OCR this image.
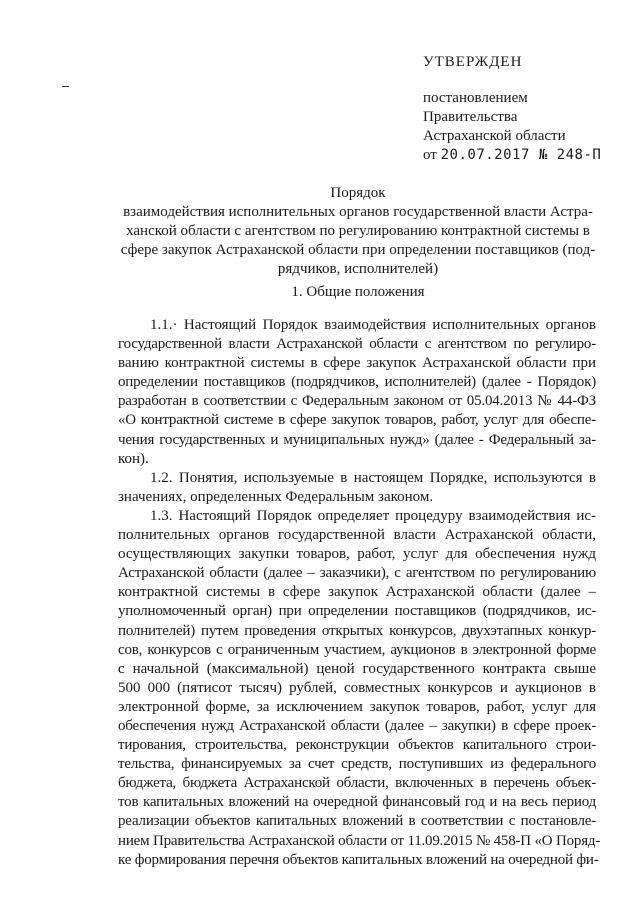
УТВЕРЖДЕН
постановлением
Правительства
Астраханской области
от 20.07.2017 № 248-П
Порядок
взаимодействия исполнительных органов государственной власти Астра-
ханской области с агентством по регулированию контрактной системы в
сфере закупок Астраханской области при определении поставщиков (под-
рядчиков, исполнителей)
1. Общие положения
1.1.· Настоящий Порядок взаимодействия исполнительных органов
государственной власти Астраханской области с агентством по регулиро-
ванию контрактной системы в сфере закупок Астраханской области при
определении поставщиков (подрядчиков, исполнителей) (далее - Порядок)
разработан в соответствии с Федеральным законом от 05.04.2013 № 44-ФЗ
«О контрактной системе в сфере закупок товаров, работ, услуг для обеспе-
чения государственных и муниципальных нужд» (далее - Федеральный за-
кон).
1.2. Понятия, используемые в настоящем Порядке, используются в
значениях, определенных Федеральным законом.
1.3. Настоящий Порядок определяет процедуру взаимодействия ис-
полнительных органов государственной власти Астраханской области,
осуществляющих закупки товаров, работ, услуг для обеспечения нужд
Астраханской области (далее – заказчики), с агентством по регулированию
контрактной системы в сфере закупок Астраханской области (далее –
уполномоченный орган) при определении поставщиков (подрядчиков, ис-
полнителей) путем проведения открытых конкурсов, двухэтапных конкур-
сов, конкурсов с ограниченным участием, аукционов в электронной форме
с начальной (максимальной) ценой государственного контракта свыше
500 000 (пятисот тысяч) рублей, совместных конкурсов и аукционов в
электронной форме, за исключением закупок товаров, работ, услуг для
обеспечения нужд Астраханской области (далее – закупки) в сфере проек-
тирования, строительства, реконструкции объектов капитального строи-
тельства, финансируемых за счет средств, поступивших из федерального
бюджета, бюджета Астраханской области, включенных в перечень объек-
тов капитальных вложений на очередной финансовый год и на весь период
реализации объектов капитальных вложений в соответствии с постановле-
нием Правительства Астраханской области от 11.09.2015 № 458-П «О Поряд-
ке формирования перечня объектов капитальных вложений на очередной фи-
